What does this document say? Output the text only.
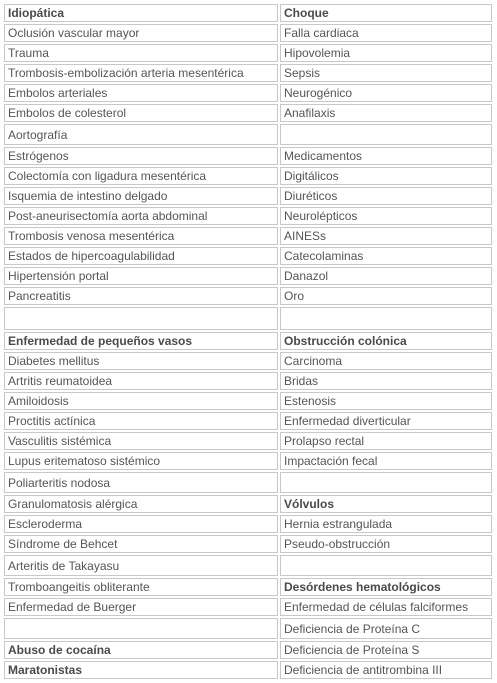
Idiopática	Choque
Oclusión vascular mayor	Falla cardiaca
Trauma	Hipovolemia
Trombosis-embolización arteria mesentérica	Sepsis
Embolos arteriales	Neurogénico
Embolos de colesterol	Anafilaxis
Aortografía	
Estrógenos	Medicamentos
Colectomía con ligadura mesentérica	Digitálicos
Isquemia de intestino delgado	Diuréticos
Post-aneurisectomía aorta abdominal	Neurolépticos
Trombosis venosa mesentérica	AINESs
Estados de hipercoagulabilidad	Catecolaminas
Hipertensión portal	Danazol
Pancreatitis	Oro

Enfermedad de pequeños vasos	Obstrucción colónica
Diabetes mellitus	Carcinoma
Artritis reumatoidea	Bridas
Amiloidosis	Estenosis
Proctitis actínica	Enfermedad diverticular
Vasculitis sistémica	Prolapso rectal
Lupus eritematoso sistémico	Impactación fecal
Poliarteritis nodosa	
Granulomatosis alérgica	Vólvulos
Escleroderma	Hernia estrangulada
Síndrome de Behcet	Pseudo-obstrucción
Arteritis de Takayasu	
Tromboangeitis obliterante	Desórdenes hematológicos
Enfermedad de Buerger	Enfermedad de células falciformes
	Deficiencia de Proteína C
Abuso de cocaína	Deficiencia de Proteína S
Maratonistas	Deficiencia de antitrombina III
